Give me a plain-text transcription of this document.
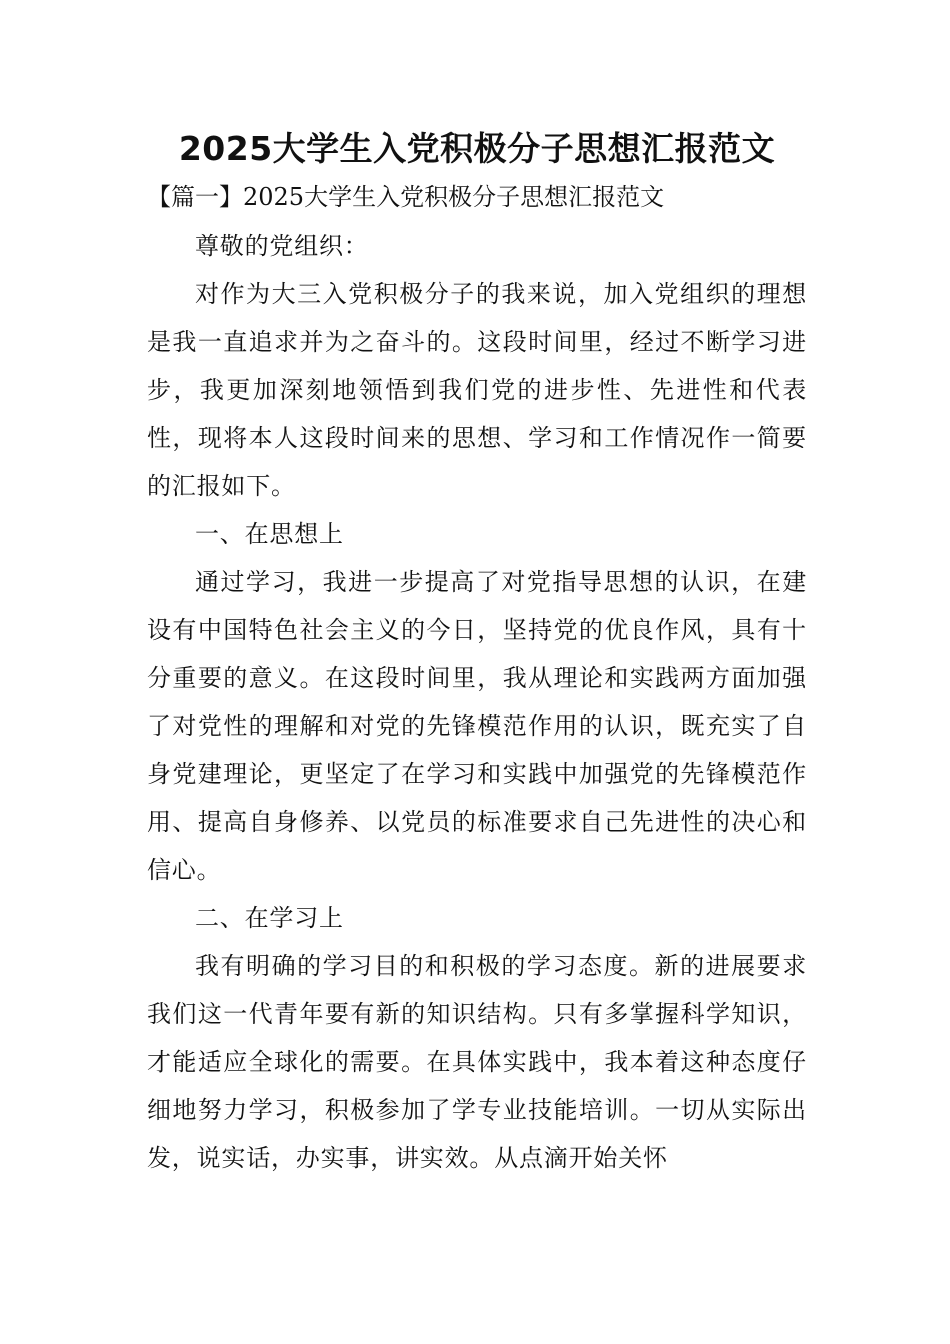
2025大学生入党积极分子思想汇报范文
【篇一】2025大学生入党积极分子思想汇报范文

尊敬的党组织：

对作为大三入党积极分子的我来说，加入党组织的理想是我一直追求并为之奋斗的。这段时间里，经过不断学习进步，我更加深刻地领悟到我们党的进步性、先进性和代表性，现将本人这段时间来的思想、学习和工作情况作一简要的汇报如下。

一、在思想上

通过学习，我进一步提高了对党指导思想的认识，在建设有中国特色社会主义的今日，坚持党的优良作风，具有十分重要的意义。在这段时间里，我从理论和实践两方面加强了对党性的理解和对党的先锋模范作用的认识，既充实了自身党建理论，更坚定了在学习和实践中加强党的先锋模范作用、提高自身修养、以党员的标准要求自己先进性的决心和信心。

二、在学习上

我有明确的学习目的和积极的学习态度。新的进展要求我们这一代青年要有新的知识结构。只有多掌握科学知识，才能适应全球化的需要。在具体实践中，我本着这种态度仔细地努力学习，积极参加了学专业技能培训。一切从实际出发，说实话，办实事，讲实效。从点滴开始关怀
